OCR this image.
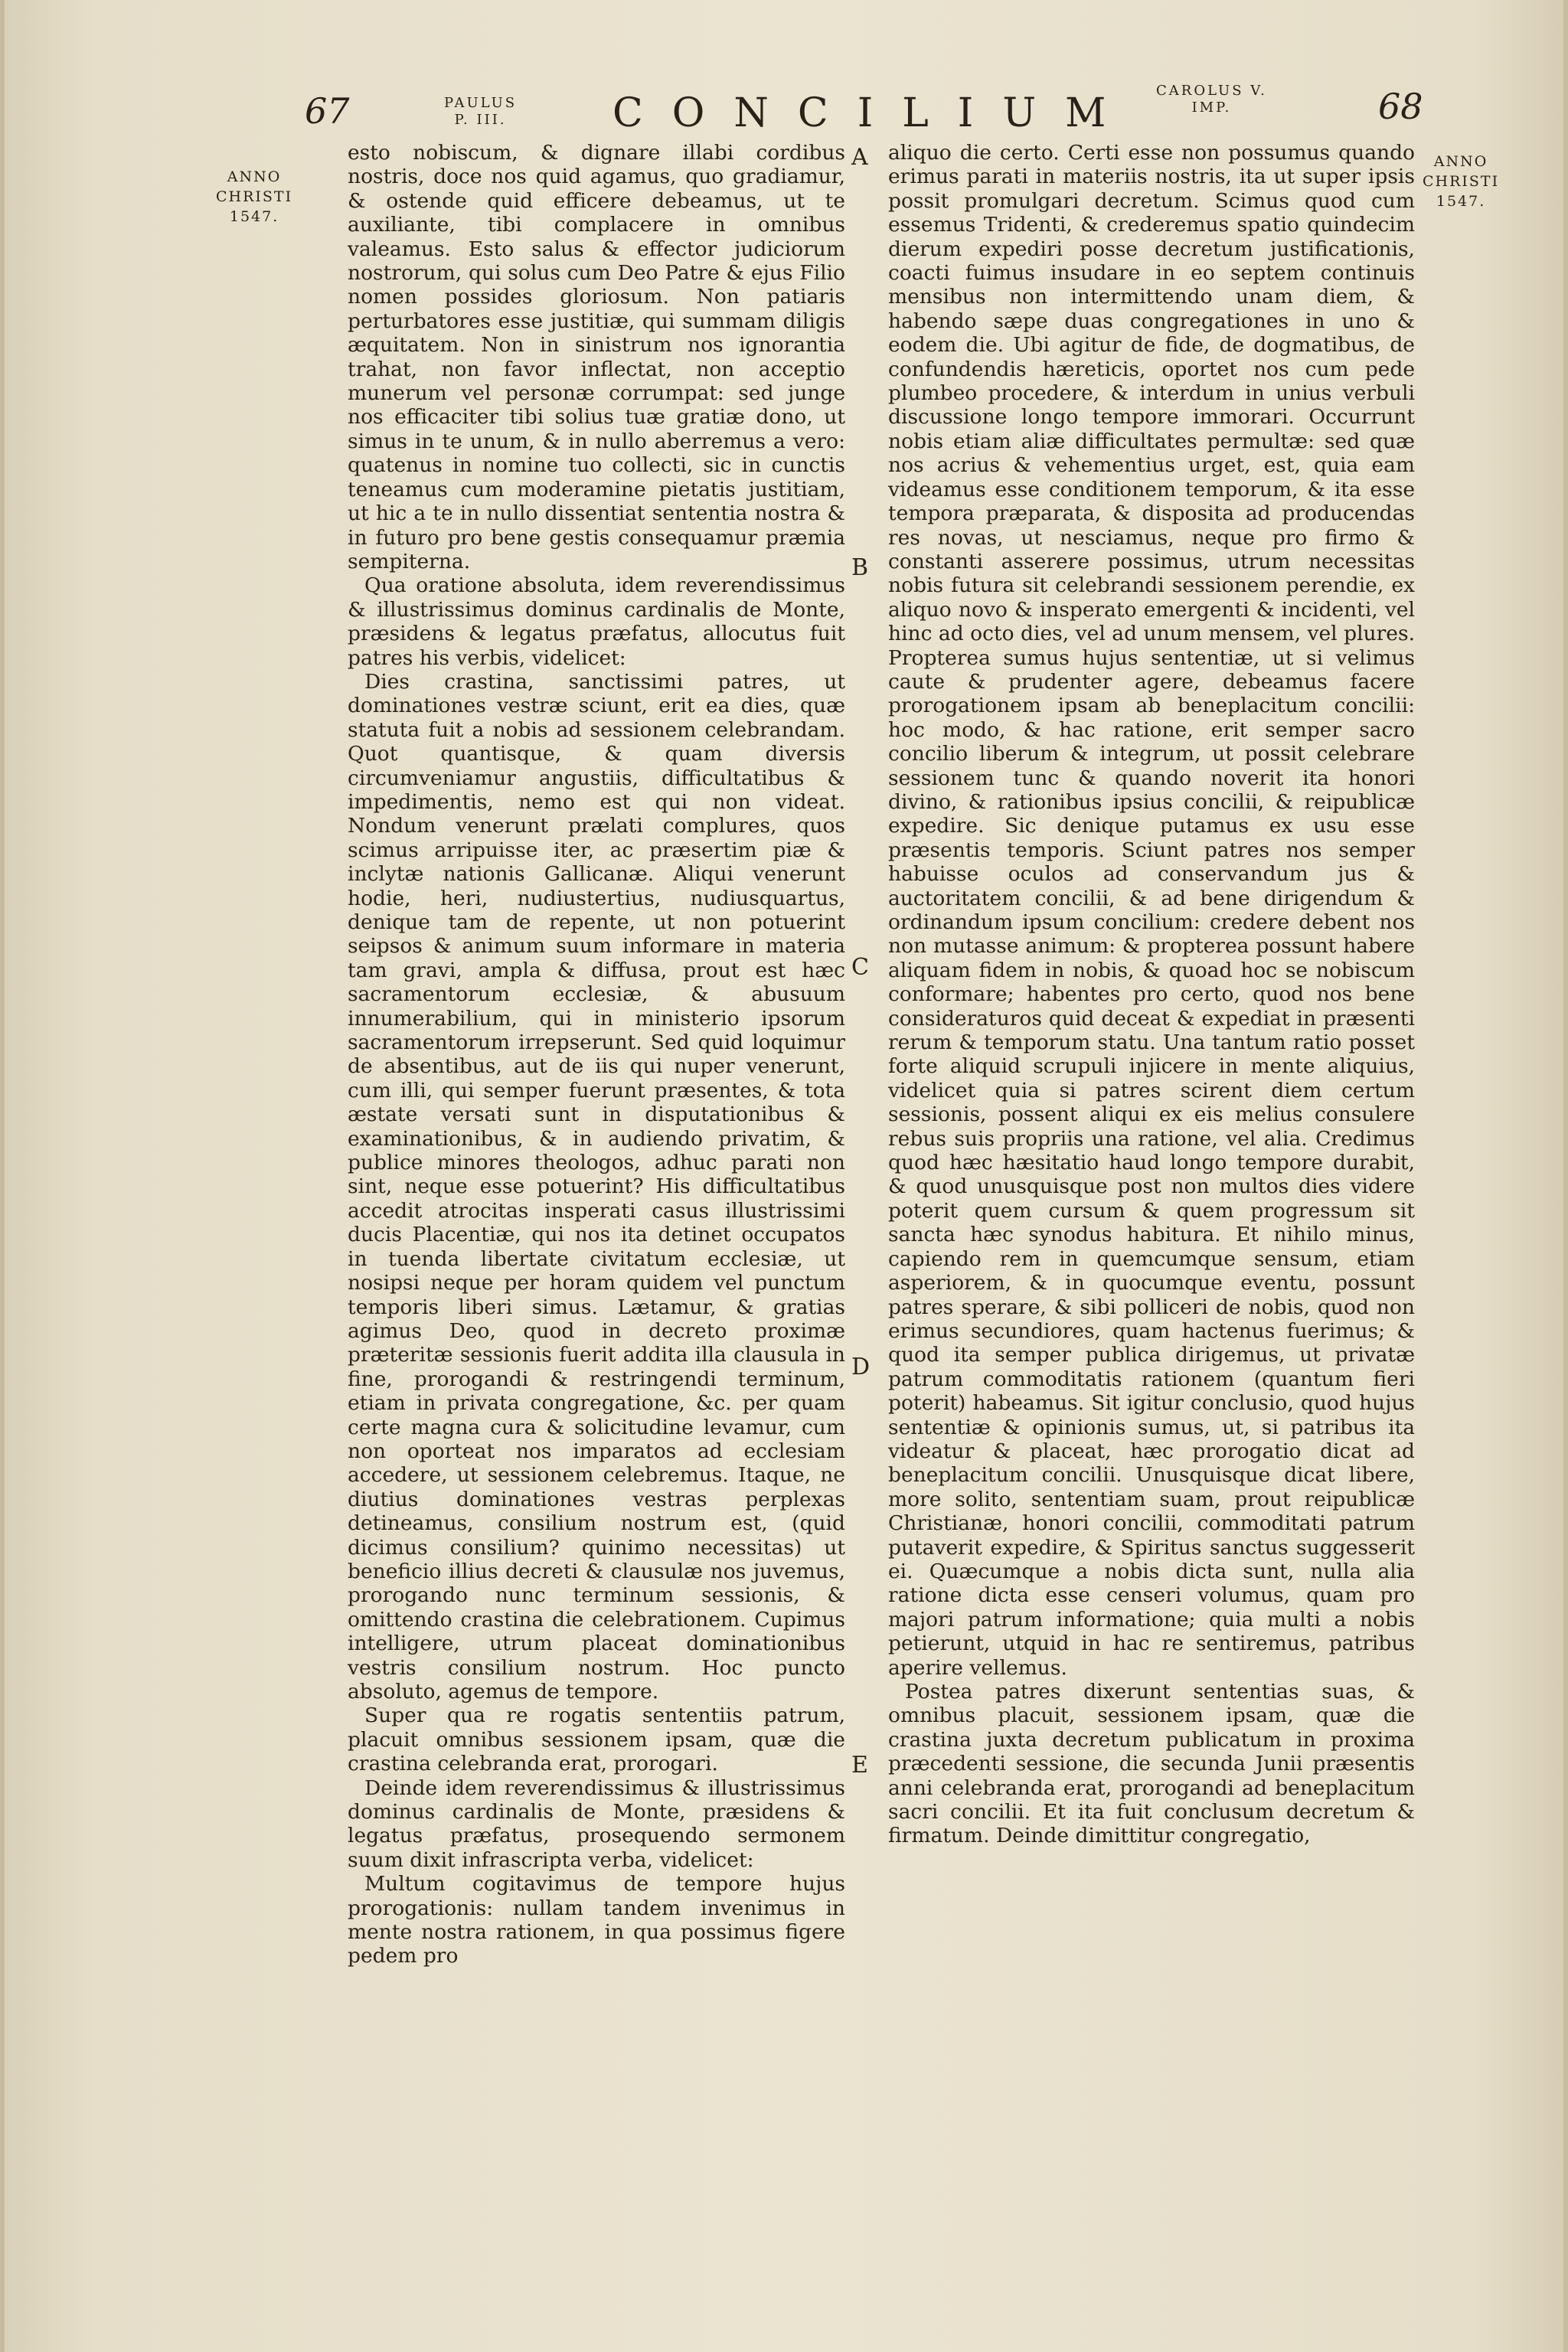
67	PAULUS
P. III.	CONCILIUM CAROLUS V.
IMP.	68
ANNO
CHRISTI
1547.
ANNO
CHRISTI
1547.

esto nobiscum, & dignare illabi cordibus nostris, doce nos quid agamus, quo gradiamur, & ostende quid efficere debeamus, ut te auxiliante, tibi complacere in omnibus valeamus. Esto salus & effector judiciorum nostrorum, qui solus cum Deo Patre & ejus Filio nomen possides gloriosum. Non patiaris perturbatores esse justitiæ, qui summam diligis æquitatem. Non in sinistrum nos ignorantia trahat, non favor inflectat, non acceptio munerum vel personæ corrumpat: sed junge nos efficaciter tibi solius tuæ gratiæ dono, ut simus in te unum, & in nullo aberremus a vero: quatenus in nomine tuo collecti, sic in cunctis teneamus cum moderamine pietatis justitiam, ut hic a te in nullo dissentiat sententia nostra & in futuro pro bene gestis consequamur præmia sempiterna.

Qua oratione absoluta, idem reverendissimus & illustrissimus dominus cardinalis de Monte, præsidens & legatus præfatus, allocutus fuit patres his verbis, videlicet:

Dies crastina, sanctissimi patres, ut dominationes vestræ sciunt, erit ea dies, quæ statuta fuit a nobis ad sessionem celebrandam. Quot quantisque, & quam diversis circumveniamur angustiis, difficultatibus & impedimentis, nemo est qui non videat. Nondum venerunt prælati complures, quos scimus arripuisse iter, ac præsertim piæ & inclytæ nationis Gallicanæ. Aliqui venerunt hodie, heri, nudiustertius, nudiusquartus, denique tam de repente, ut non potuerint seipsos & animum suum informare in materia tam gravi, ampla & diffusa, prout est hæc sacramentorum ecclesiæ, & abusuum innumerabilium, qui in ministerio ipsorum sacramentorum irrepserunt. Sed quid loquimur de absentibus, aut de iis qui nuper venerunt, cum illi, qui semper fuerunt præsentes, & tota æstate versati sunt in disputationibus & examinationibus, & in audiendo privatim, & publice minores theologos, adhuc parati non sint, neque esse potuerint? His difficultatibus accedit atrocitas insperati casus illustrissimi ducis Placentiæ, qui nos ita detinet occupatos in tuenda libertate civitatum ecclesiæ, ut nosipsi neque per horam quidem vel punctum temporis liberi simus. Lætamur, & gratias agimus Deo, quod in decreto proximæ præteritæ sessionis fuerit addita illa clausula in fine, prorogandi & restringendi terminum, etiam in privata congregatione, &c. per quam certe magna cura & solicitudine levamur, cum non oporteat nos imparatos ad ecclesiam accedere, ut sessionem celebremus. Itaque, ne diutius dominationes vestras perplexas detineamus, consilium nostrum est, (quid dicimus consilium? quinimo necessitas) ut beneficio illius decreti & clausulæ nos juvemus, prorogando nunc terminum sessionis, & omittendo crastina die celebrationem. Cupimus intelligere, utrum placeat dominationibus vestris consilium nostrum. Hoc puncto absoluto, agemus de tempore.

Super qua re rogatis sententiis patrum, placuit omnibus sessionem ipsam, quæ die crastina celebranda erat, prorogari.

Deinde idem reverendissimus & illustrissimus dominus cardinalis de Monte, præsidens & legatus præfatus, prosequendo sermonem suum dixit infrascripta verba, videlicet:

Multum cogitavimus de tempore hujus prorogationis: nullam tandem invenimus in mente nostra rationem, in qua possimus figere pedem pro

A
B
C
D
E

aliquo die certo. Certi esse non possumus quando erimus parati in materiis nostris, ita ut super ipsis possit promulgari decretum. Scimus quod cum essemus Tridenti, & crederemus spatio quindecim dierum expediri posse decretum justificationis, coacti fuimus insudare in eo septem continuis mensibus non intermittendo unam diem, & habendo sæpe duas congregationes in uno & eodem die. Ubi agitur de fide, de dogmatibus, de confundendis hæreticis, oportet nos cum pede plumbeo procedere, & interdum in unius verbuli discussione longo tempore immorari. Occurrunt nobis etiam aliæ difficultates permultæ: sed quæ nos acrius & vehementius urget, est, quia eam videamus esse conditionem temporum, & ita esse tempora præparata, & disposita ad producendas res novas, ut nesciamus, neque pro firmo & constanti asserere possimus, utrum necessitas nobis futura sit celebrandi sessionem perendie, ex aliquo novo & insperato emergenti & incidenti, vel hinc ad octo dies, vel ad unum mensem, vel plures. Propterea sumus hujus sententiæ, ut si velimus caute & prudenter agere, debeamus facere prorogationem ipsam ab beneplacitum concilii: hoc modo, & hac ratione, erit semper sacro concilio liberum & integrum, ut possit celebrare sessionem tunc & quando noverit ita honori divino, & rationibus ipsius concilii, & reipublicæ expedire. Sic denique putamus ex usu esse præsentis temporis. Sciunt patres nos semper habuisse oculos ad conservandum jus & auctoritatem concilii, & ad bene dirigendum & ordinandum ipsum concilium: credere debent nos non mutasse animum: & propterea possunt habere aliquam fidem in nobis, & quoad hoc se nobiscum conformare; habentes pro certo, quod nos bene consideraturos quid deceat & expediat in præsenti rerum & temporum statu. Una tantum ratio posset forte aliquid scrupuli injicere in mente aliquius, videlicet quia si patres scirent diem certum sessionis, possent aliqui ex eis melius consulere rebus suis propriis una ratione, vel alia. Credimus quod hæc hæsitatio haud longo tempore durabit, & quod unusquisque post non multos dies videre poterit quem cursum & quem progressum sit sancta hæc synodus habitura. Et nihilo minus, capiendo rem in quemcumque sensum, etiam asperiorem, & in quocumque eventu, possunt patres sperare, & sibi polliceri de nobis, quod non erimus secundiores, quam hactenus fuerimus; & quod ita semper publica dirigemus, ut privatæ patrum commoditatis rationem (quantum fieri poterit) habeamus. Sit igitur conclusio, quod hujus sententiæ & opinionis sumus, ut, si patribus ita videatur & placeat, hæc prorogatio dicat ad beneplacitum concilii. Unusquisque dicat libere, more solito, sententiam suam, prout reipublicæ Christianæ, honori concilii, commoditati patrum putaverit expedire, & Spiritus sanctus suggesserit ei. Quæcumque a nobis dicta sunt, nulla alia ratione dicta esse censeri volumus, quam pro majori patrum informatione; quia multi a nobis petierunt, utquid in hac re sentiremus, patribus aperire vellemus.

Postea patres dixerunt sententias suas, & omnibus placuit, sessionem ipsam, quæ die crastina juxta decretum publicatum in proxima præcedenti sessione, die secunda Junii præsentis anni celebranda erat, prorogandi ad beneplacitum sacri concilii. Et ita fuit conclusum decretum & firmatum. Deinde dimittitur congregatio,
